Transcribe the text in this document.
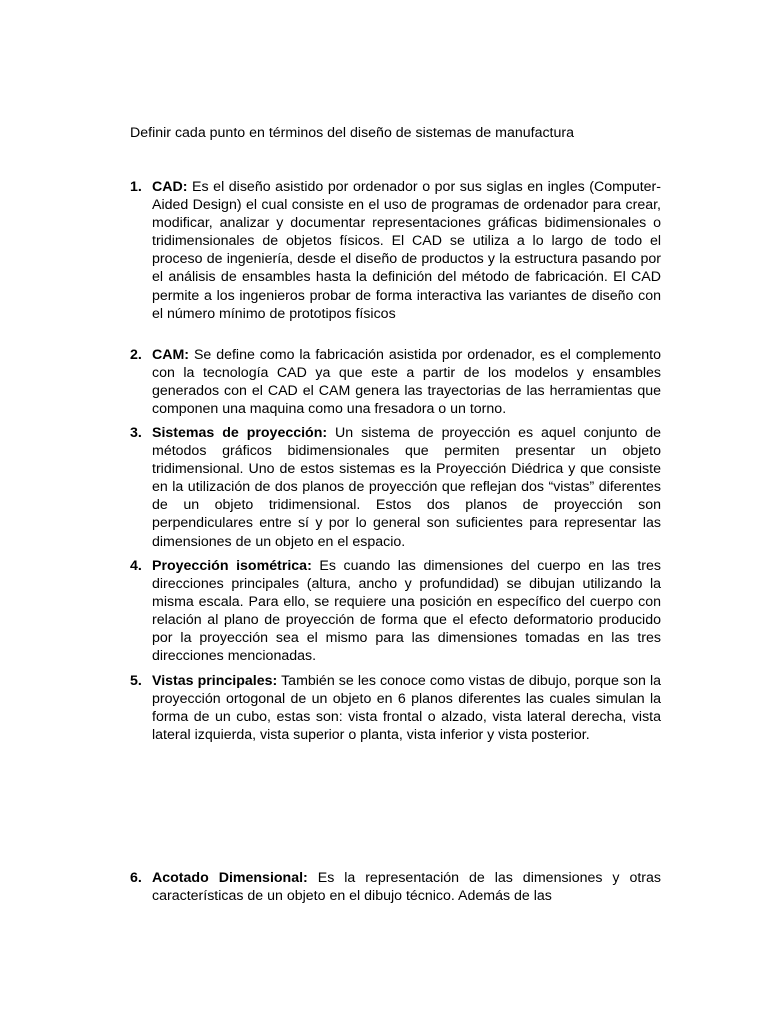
Definir cada punto en términos del diseño de sistemas de manufactura
1. CAD: Es el diseño asistido por ordenador o por sus siglas en ingles (Computer-Aided Design) el cual consiste en el uso de programas de ordenador para crear, modificar, analizar y documentar representaciones gráficas bidimensionales o tridimensionales de objetos físicos. El CAD se utiliza a lo largo de todo el proceso de ingeniería, desde el diseño de productos y la estructura pasando por el análisis de ensambles hasta la definición del método de fabricación. El CAD permite a los ingenieros probar de forma interactiva las variantes de diseño con el número mínimo de prototipos físicos
2. CAM: Se define como la fabricación asistida por ordenador, es el complemento con la tecnología CAD ya que este a partir de los modelos y ensambles generados con el CAD el CAM genera las trayectorias de las herramientas que componen una maquina como una fresadora o un torno.
3. Sistemas de proyección: Un sistema de proyección es aquel conjunto de métodos gráficos bidimensionales que permiten presentar un objeto tridimensional. Uno de estos sistemas es la Proyección Diédrica y que consiste en la utilización de dos planos de proyección que reflejan dos “vistas” diferentes de un objeto tridimensional. Estos dos planos de proyección son perpendiculares entre sí y por lo general son suficientes para representar las dimensiones de un objeto en el espacio.
4. Proyección isométrica: Es cuando las dimensiones del cuerpo en las tres direcciones principales (altura, ancho y profundidad) se dibujan utilizando la misma escala. Para ello, se requiere una posición en específico del cuerpo con relación al plano de proyección de forma que el efecto deformatorio producido por la proyección sea el mismo para las dimensiones tomadas en las tres direcciones mencionadas.
5. Vistas principales: También se les conoce como vistas de dibujo, porque son la proyección ortogonal de un objeto en 6 planos diferentes las cuales simulan la forma de un cubo, estas son: vista frontal o alzado, vista lateral derecha, vista lateral izquierda, vista superior o planta, vista inferior y vista posterior.
6. Acotado Dimensional: Es la representación de las dimensiones y otras características de un objeto en el dibujo técnico. Además de las
